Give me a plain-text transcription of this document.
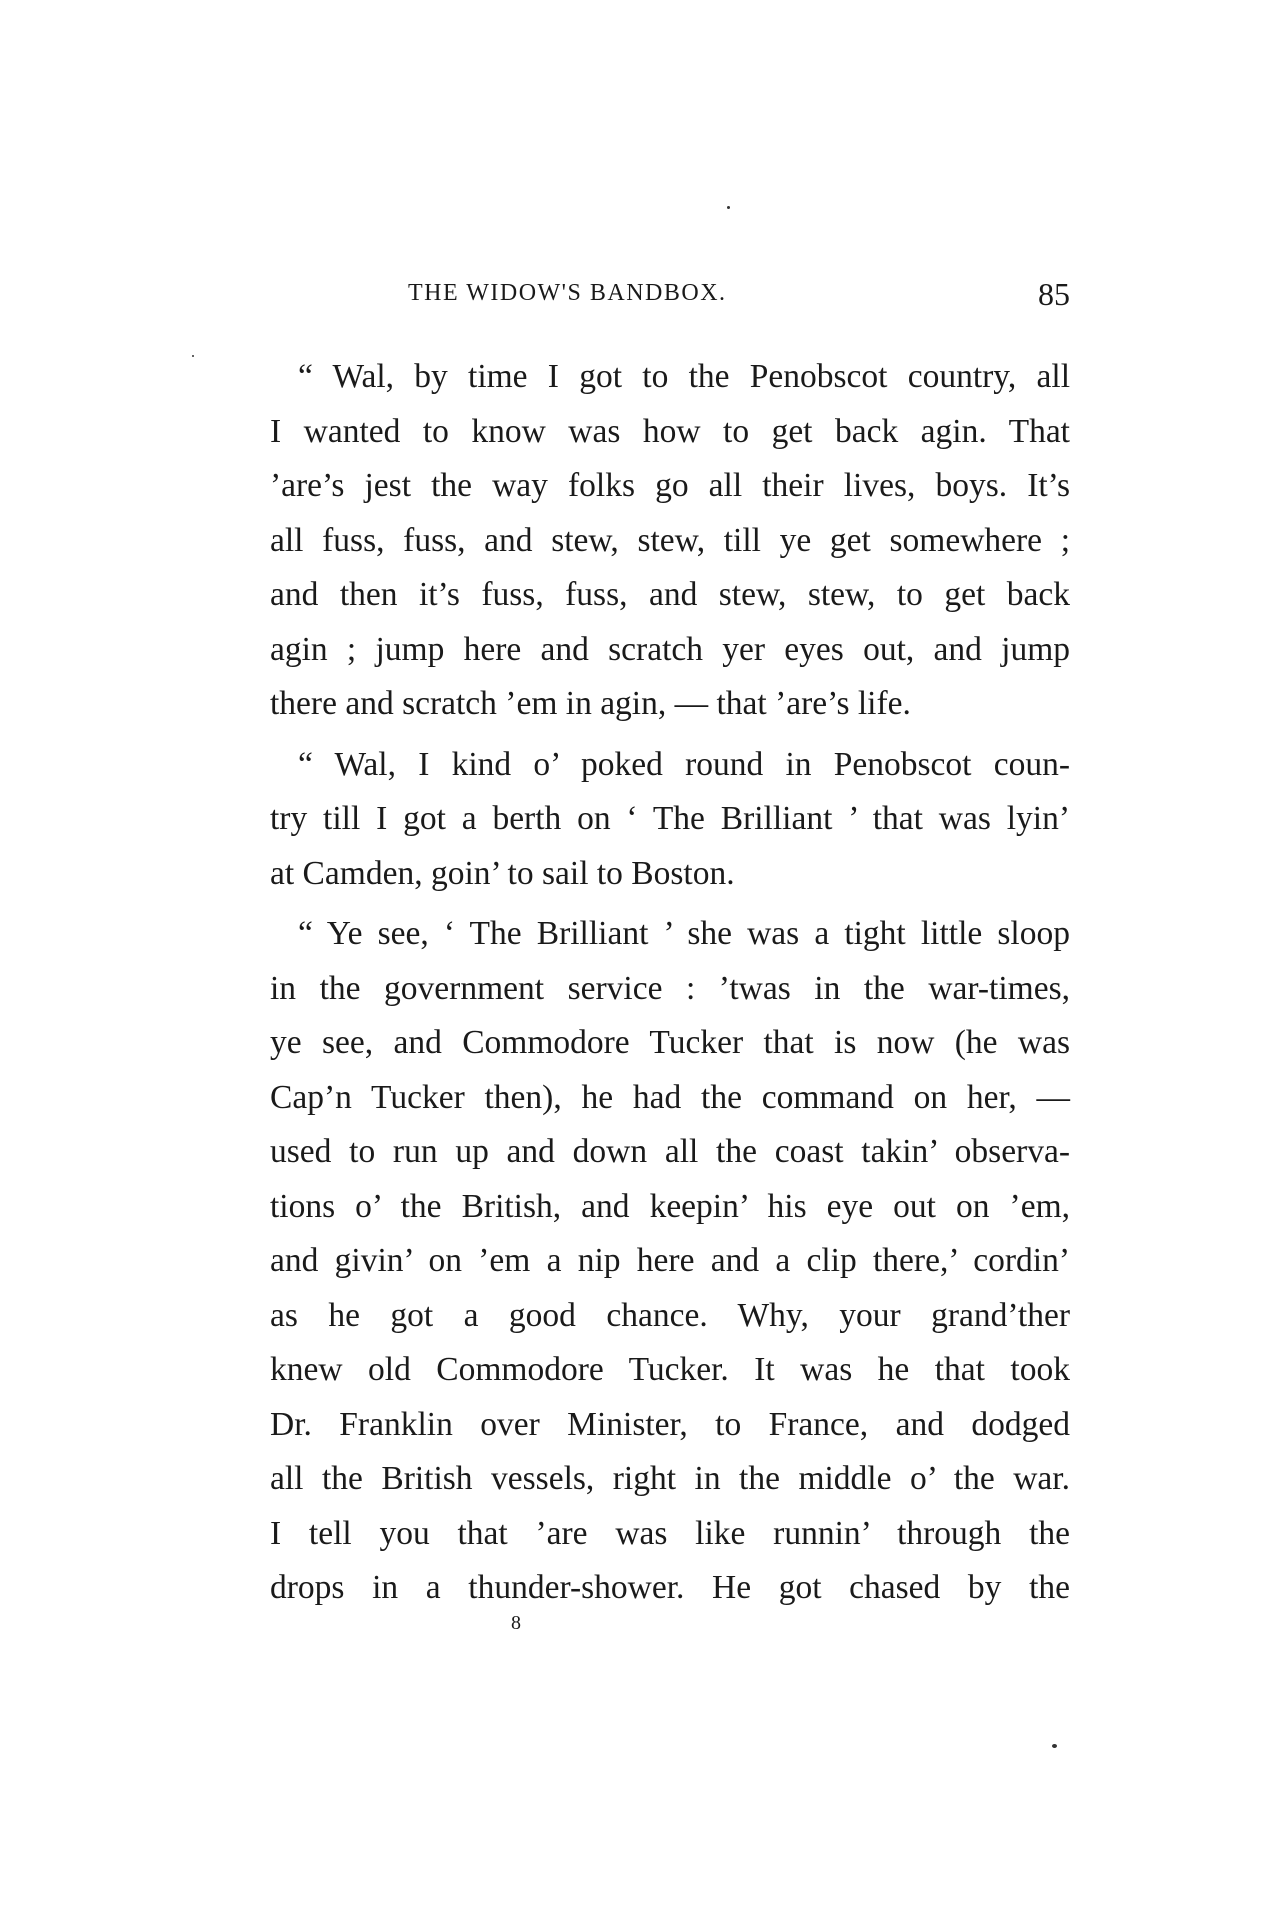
THE WIDOW'S BANDBOX.	85
“ Wal, by time I got to the Penobscot country, all
I wanted to know was how to get back agin. That
’are’s jest the way folks go all their lives, boys. It’s
all fuss, fuss, and stew, stew, till ye get somewhere ;
and then it’s fuss, fuss, and stew, stew, to get back
agin ; jump here and scratch yer eyes out, and jump
there and scratch ’em in agin, — that ’are’s life.
“ Wal, I kind o’ poked round in Penobscot coun-
try till I got a berth on ‘ The Brilliant ’ that was lyin’
at Camden, goin’ to sail to Boston.
“ Ye see, ‘ The Brilliant ’ she was a tight little sloop
in the government service : ’twas in the war-times,
ye see, and Commodore Tucker that is now (he was
Cap’n Tucker then), he had the command on her, —
used to run up and down all the coast takin’ observa-
tions o’ the British, and keepin’ his eye out on ’em,
and givin’ on ’em a nip here and a clip there,’ cordin’
as he got a good chance. Why, your grand’ther
knew old Commodore Tucker. It was he that took
Dr. Franklin over Minister, to France, and dodged
all the British vessels, right in the middle o’ the war.
I tell you that ’are was like runnin’ through the
drops in a thunder-shower. He got chased by the
8
